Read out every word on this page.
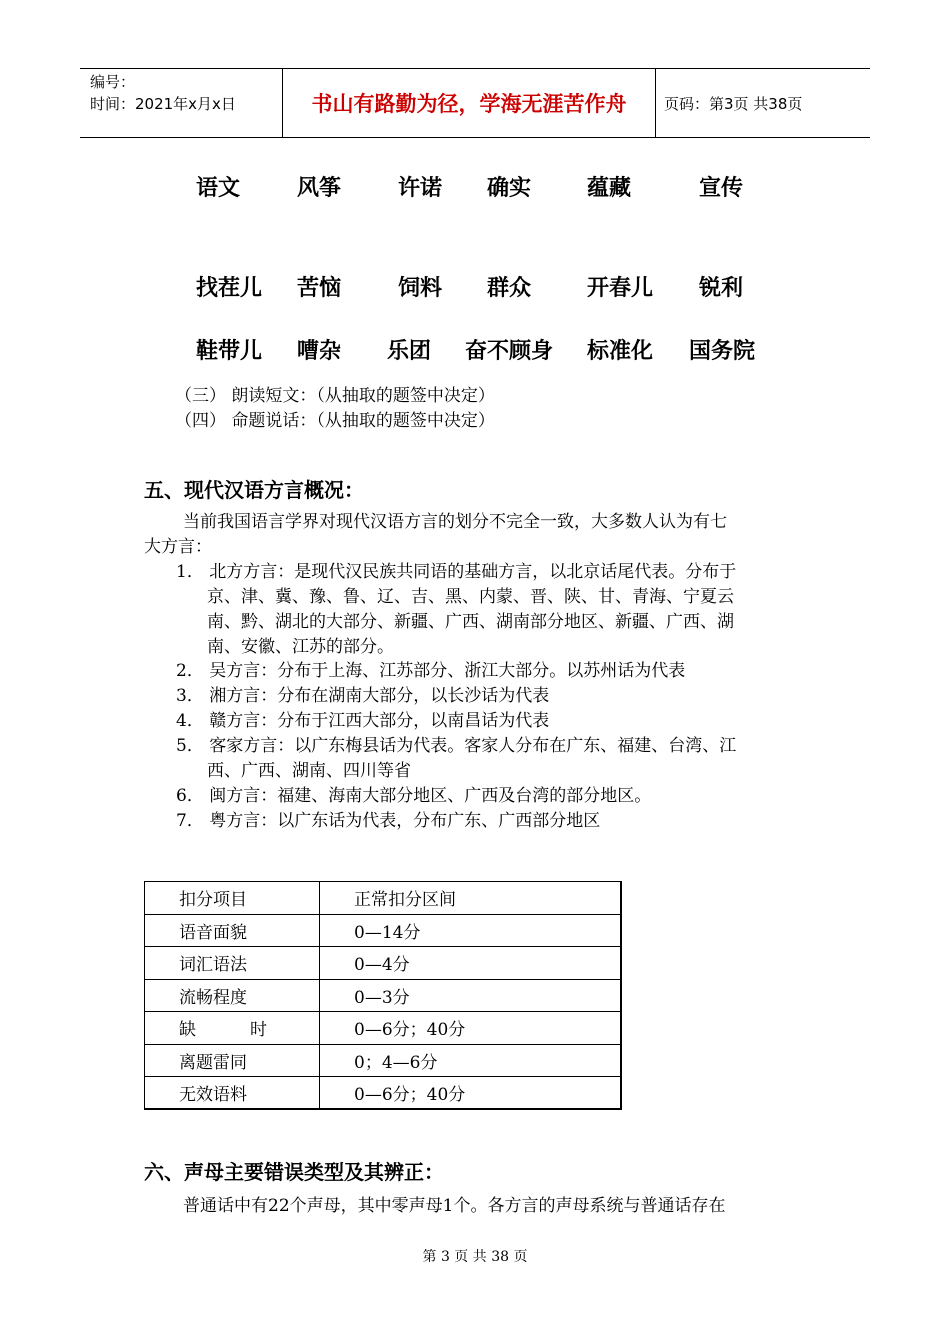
编号：
时间：2021年x月x日	书山有路勤为径，学海无涯苦作舟	页码：第3页 共38页
语文	风筝	许诺 确实	蕴藏	宣传
找茬儿 苦恼	饲料 群众	开春儿 锐利
鞋带儿 嘈杂 乐团 奋不顾身 标准化 国务院
（三） 朗读短文：（从抽取的题签中决定）
（四） 命题说话：（从抽取的题签中决定）
五、现代汉语方言概况：
当前我国语言学界对现代汉语方言的划分不完全一致，大多数人认为有七
大方言：
1． 北方方言：是现代汉民族共同语的基础方言，以北京话尾代表。分布于
京、津、冀、豫、鲁、辽、吉、黑、内蒙、晋、陕、甘、青海、宁夏云
南、黔、湖北的大部分、新疆、广西、湖南部分地区、新疆、广西、湖
南、安徽、江苏的部分。
2． 吴方言：分布于上海、江苏部分、浙江大部分。以苏州话为代表
3． 湘方言：分布在湖南大部分，以长沙话为代表
4． 赣方言：分布于江西大部分，以南昌话为代表
5． 客家方言：以广东梅县话为代表。客家人分布在广东、福建、台湾、江
西、广西、湖南、四川等省
6． 闽方言：福建、海南大部分地区、广西及台湾的部分地区。
7． 粤方言：以广东话为代表，分布广东、广西部分地区
扣分项目	正常扣分区间
语音面貌	0—14分
词汇语法	0—4分
流畅程度	0—3分
缺          时	0—6分；40分
离题雷同	0；4—6分
无效语料	0—6分；40分
六、声母主要错误类型及其辨正：
普通话中有22个声母，其中零声母1个。各方言的声母系统与普通话存在
第 3 页 共 38 页
